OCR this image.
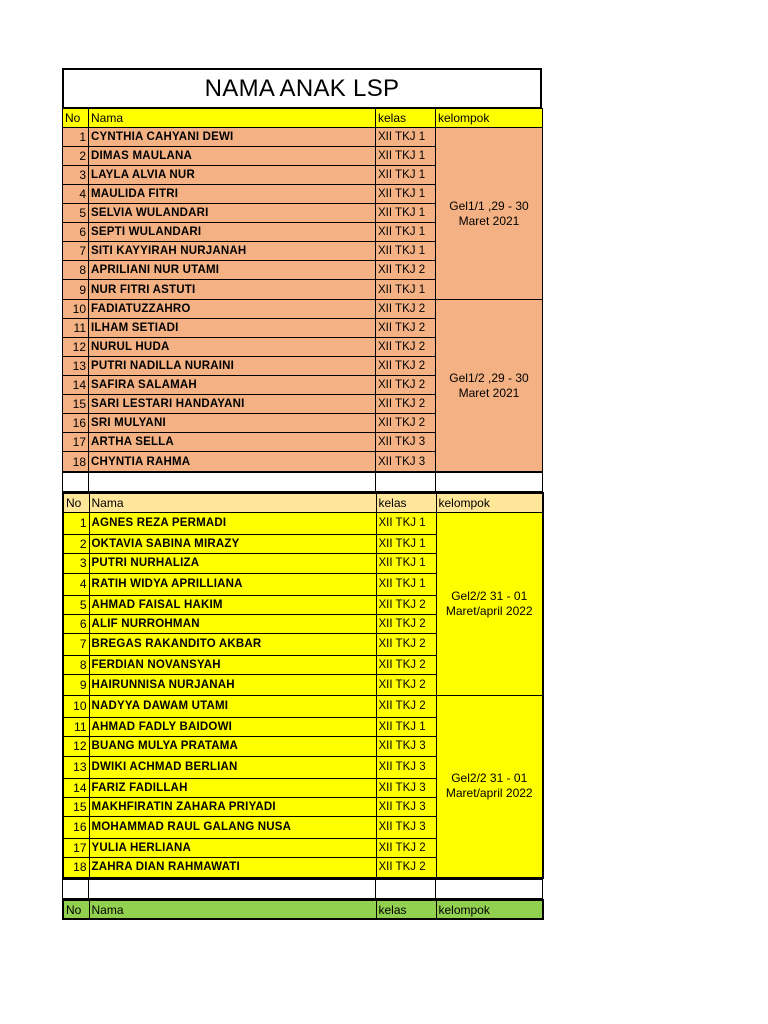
NAMA ANAK LSP
No	Nama	kelas	kelompok
1	CYNTHIA CAHYANI DEWI	XII TKJ 1	Gel1/1 ,29 - 30 Maret 2021
2	DIMAS MAULANA	XII TKJ 1	
3	LAYLA ALVIA NUR	XII TKJ 1	
4	MAULIDA FITRI	XII TKJ 1	
5	SELVIA WULANDARI	XII TKJ 1	
6	SEPTI WULANDARI	XII TKJ 1	
7	SITI KAYYIRAH NURJANAH	XII TKJ 1	
8	APRILIANI NUR UTAMI	XII TKJ 2	
9	NUR FITRI ASTUTI	XII TKJ 1	
10	FADIATUZZAHRO	XII TKJ 2	Gel1/2 ,29 - 30 Maret 2021
11	ILHAM SETIADI	XII TKJ 2	
12	NURUL HUDA	XII TKJ 2	
13	PUTRI NADILLA NURAINI	XII TKJ 2	
14	SAFIRA SALAMAH	XII TKJ 2	
15	SARI LESTARI HANDAYANI	XII TKJ 2	
16	SRI MULYANI	XII TKJ 2	
17	ARTHA SELLA	XII TKJ 3	
18	CHYNTIA RAHMA	XII TKJ 3	

No	Nama	kelas	kelompok
1	AGNES REZA PERMADI	XII TKJ 1	Gel2/2 31 - 01 Maret/april 2022
2	OKTAVIA SABINA MIRAZY	XII TKJ 1	
3	PUTRI NURHALIZA	XII TKJ 1	
4	RATIH WIDYA APRILLIANA	XII TKJ 1	
5	AHMAD FAISAL HAKIM	XII TKJ 2	
6	ALIF NURROHMAN	XII TKJ 2	
7	BREGAS RAKANDITO AKBAR	XII TKJ 2	
8	FERDIAN NOVANSYAH	XII TKJ 2	
9	HAIRUNNISA NURJANAH	XII TKJ 2	
10	NADYYA DAWAM UTAMI	XII TKJ 2	Gel2/2 31 - 01 Maret/april 2022
11	AHMAD FADLY BAIDOWI	XII TKJ 1	
12	BUANG MULYA PRATAMA	XII TKJ 3	
13	DWIKI ACHMAD BERLIAN	XII TKJ 3	
14	FARIZ FADILLAH	XII TKJ 3	
15	MAKHFIRATIN ZAHARA PRIYADI	XII TKJ 3	
16	MOHAMMAD RAUL GALANG NUSA	XII TKJ 3	
17	YULIA HERLIANA	XII TKJ 2	
18	ZAHRA DIAN RAHMAWATI	XII TKJ 2	

No	Nama	kelas	kelompok
